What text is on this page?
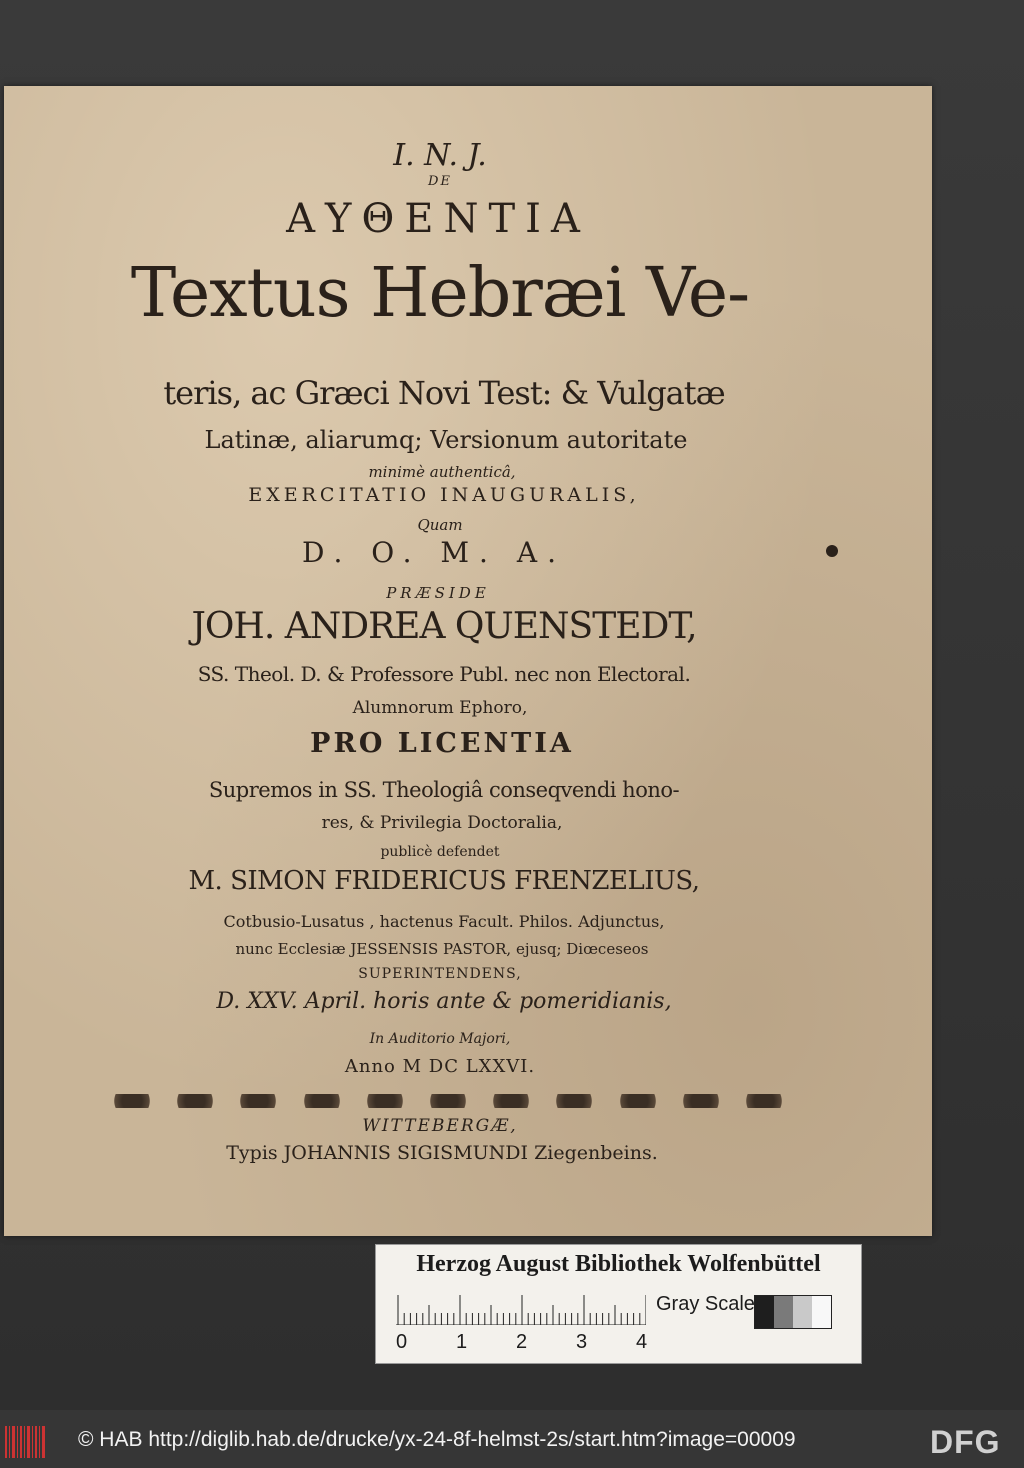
I. N. J.
DE
ΑΥΘΕΝΤΙΑ
Textus Hebræi Ve-
teris, ac Græci Novi Test: & Vulgatæ
Latinæ, aliarumq; Versionum autoritate
minimè authenticâ,
EXERCITATIO INAUGURALIS,
Quam
D. O. M. A.
PRÆSIDE
JOH. ANDREA QUENSTEDT,
SS. Theol. D. & Professore Publ. nec non Electoral.
Alumnorum Ephoro,
PRO LICENTIA
Supremos in SS. Theologiâ conseqvendi hono-
res, & Privilegia Doctoralia,
publicè defendet
M. SIMON FRIDERICUS FRENZELIUS,
Cotbusio-Lusatus , hactenus Facult. Philos. Adjunctus,
nunc Ecclesiæ JESSENSIS PASTOR, ejusq; Diœceseos
SUPERINTENDENS,
D. XXV. April. horis ante & pomeridianis,
In Auditorio Majori,
Anno M DC LXXVI.
WITTEBERGÆ,
Typis JOHANNIS SIGISMUNDI Ziegenbeins.
Herzog August Bibliothek Wolfenbüttel
0 1 2 3 4
Gray Scale
© HAB http://diglib.hab.de/drucke/yx-24-8f-helmst-2s/start.htm?image=00009	DFG
